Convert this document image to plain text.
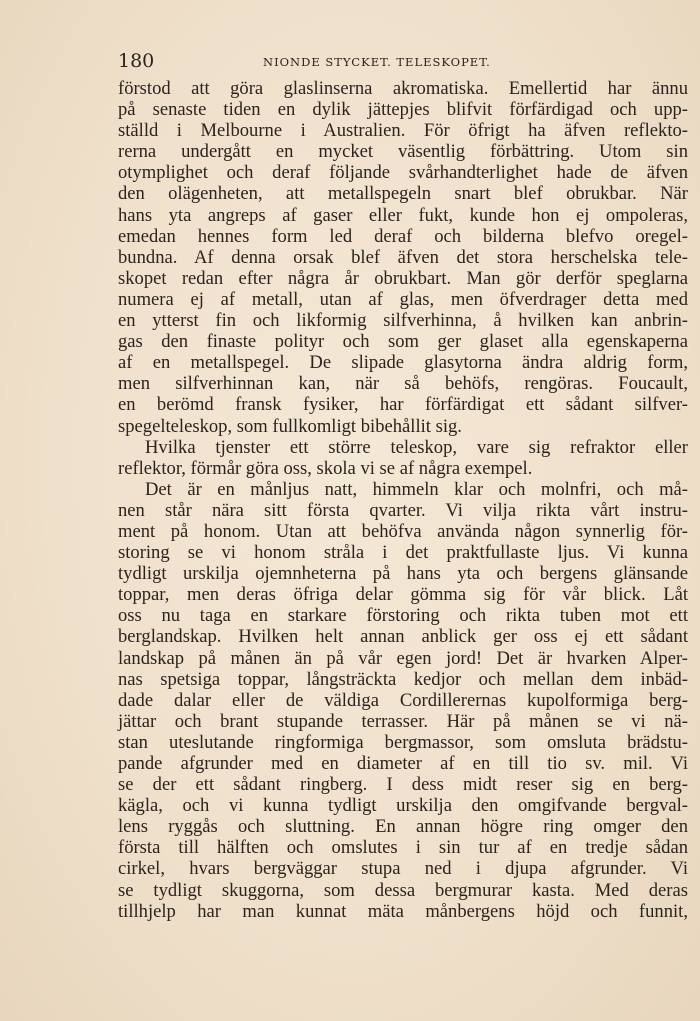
180	NIONDE STYCKET. TELESKOPET.
förstod att göra glaslinserna akromatiska. Emellertid har ännu
på senaste tiden en dylik jättepjes blifvit förfärdigad och upp-
ställd i Melbourne i Australien. För öfrigt ha äfven reflekto-
rerna undergått en mycket väsentlig förbättring. Utom sin
otymplighet och deraf följande svårhandterlighet hade de äfven
den olägenheten, att metallspegeln snart blef obrukbar. När
hans yta angreps af gaser eller fukt, kunde hon ej ompoleras,
emedan hennes form led deraf och bilderna blefvo oregel-
bundna. Af denna orsak blef äfven det stora herschelska tele-
skopet redan efter några år obrukbart. Man gör derför speglarna
numera ej af metall, utan af glas, men öfverdrager detta med
en ytterst fin och likformig silfverhinna, å hvilken kan anbrin-
gas den finaste polityr och som ger glaset alla egenskaperna
af en metallspegel. De slipade glasytorna ändra aldrig form,
men silfverhinnan kan, när så behöfs, rengöras. Foucault,
en berömd fransk fysiker, har förfärdigat ett sådant silfver-
spegelteleskop, som fullkomligt bibehållit sig.
Hvilka tjenster ett större teleskop, vare sig refraktor eller
reflektor, förmår göra oss, skola vi se af några exempel.
Det är en månljus natt, himmeln klar och molnfri, och må-
nen står nära sitt första qvarter. Vi vilja rikta vårt instru-
ment på honom. Utan att behöfva använda någon synnerlig för-
storing se vi honom stråla i det praktfullaste ljus. Vi kunna
tydligt urskilja ojemnheterna på hans yta och bergens glänsande
toppar, men deras öfriga delar gömma sig för vår blick. Låt
oss nu taga en starkare förstoring och rikta tuben mot ett
berglandskap. Hvilken helt annan anblick ger oss ej ett sådant
landskap på månen än på vår egen jord! Det är hvarken Alper-
nas spetsiga toppar, långsträckta kedjor och mellan dem inbäd-
dade dalar eller de väldiga Cordillerernas kupolformiga berg-
jättar och brant stupande terrasser. Här på månen se vi nä-
stan uteslutande ringformiga bergmassor, som omsluta brädstu-
pande afgrunder med en diameter af en till tio sv. mil. Vi
se der ett sådant ringberg. I dess midt reser sig en berg-
kägla, och vi kunna tydligt urskilja den omgifvande bergval-
lens ryggås och sluttning. En annan högre ring omger den
första till hälften och omslutes i sin tur af en tredje sådan
cirkel, hvars bergväggar stupa ned i djupa afgrunder. Vi
se tydligt skuggorna, som dessa bergmurar kasta. Med deras
tillhjelp har man kunnat mäta månbergens höjd och funnit,
